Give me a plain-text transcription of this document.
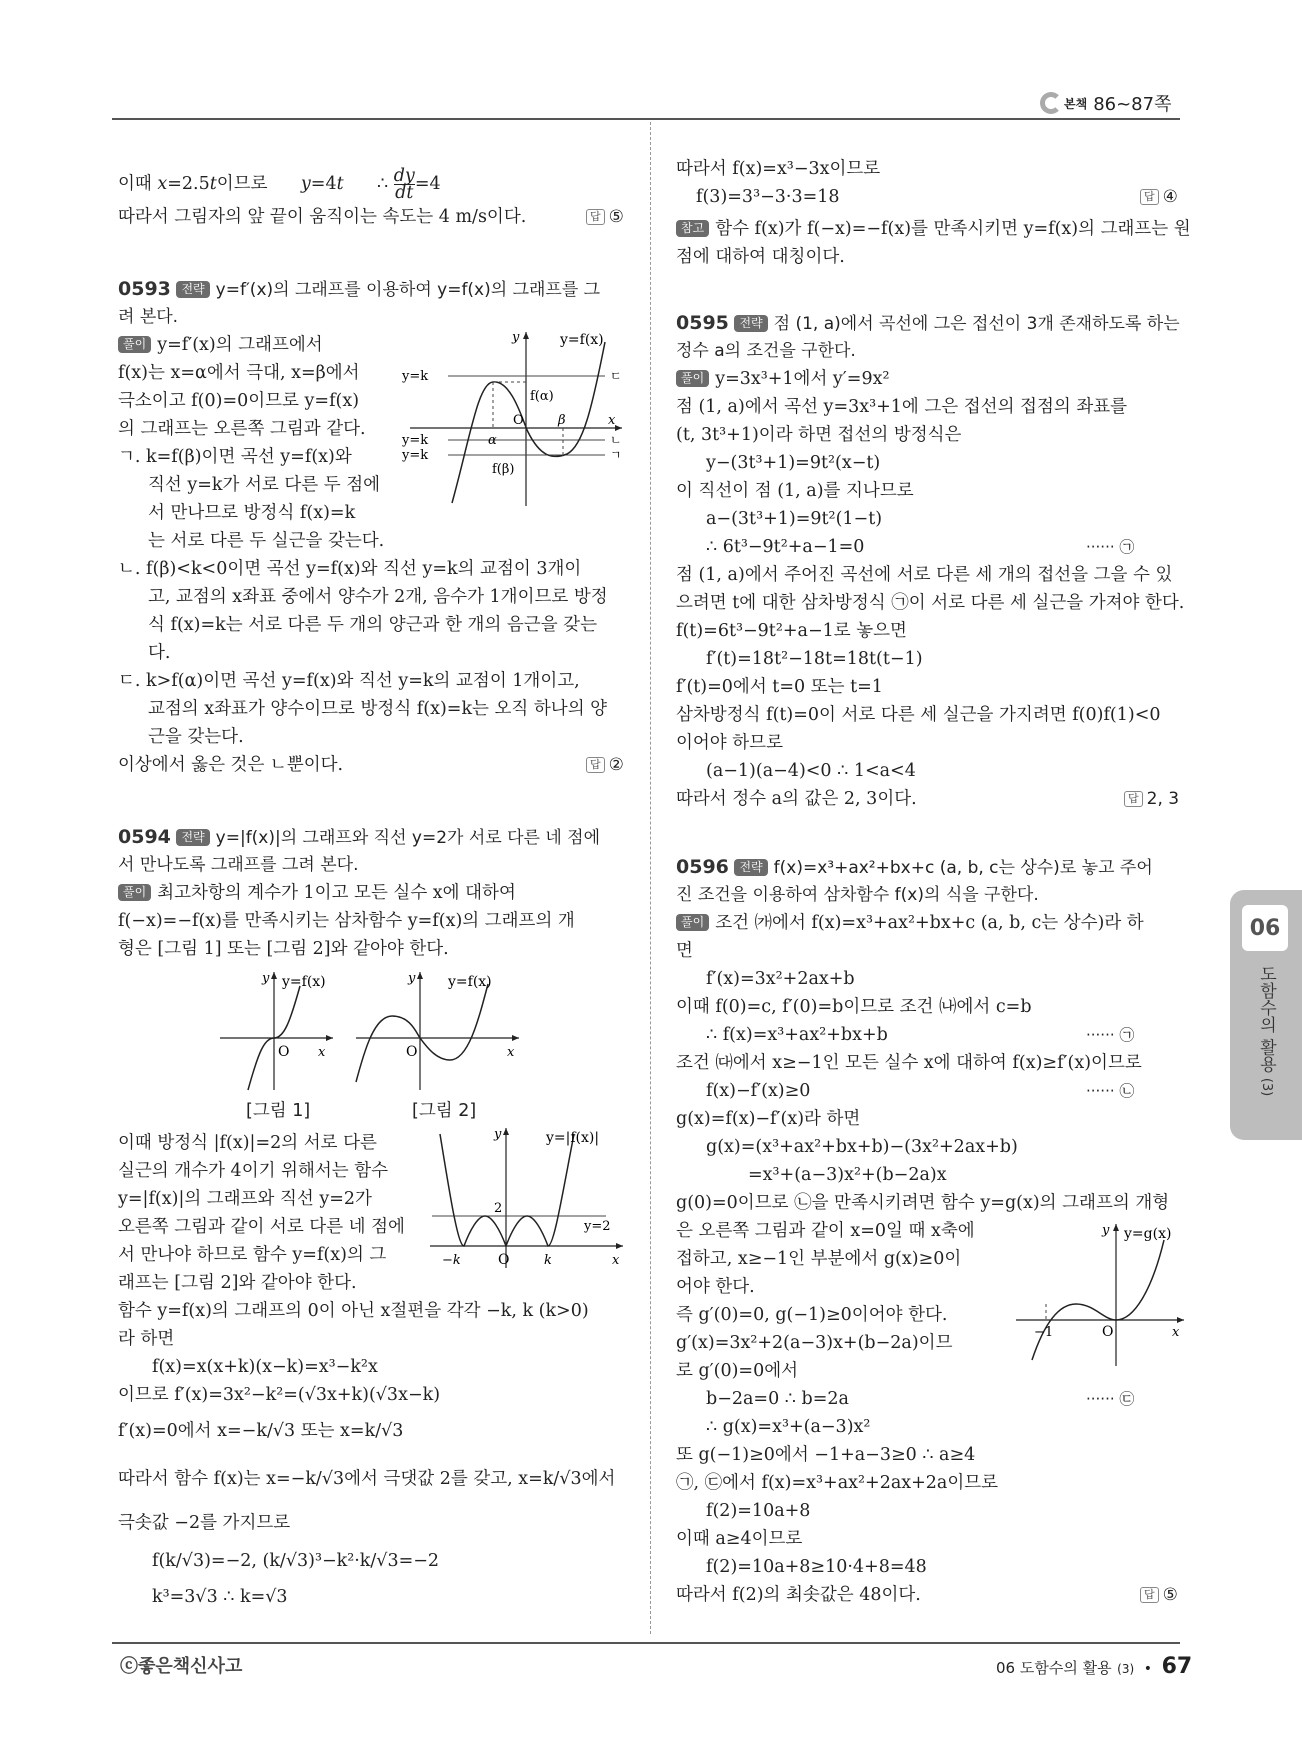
본책 86~87쪽
이때 x=2.5t이므로      y=4t      ∴ $\frac{dy}{dt} =4$
따라서 그림자의 앞 끝이 움직이는 속도는 4 m/s이다.	답 ⑤
0593 전략 y=f′(x)의 그래프를 이용하여 y=f(x)의 그래프를 그
려 본다.
풀이 y=f′(x)의 그래프에서
f(x)는 x=α에서 극대, x=β에서
극소이고 f(0)=0이므로 y=f(x)
의 그래프는 오른쪽 그림과 같다.
ㄱ. k=f(β)이면 곡선 y=f(x)와
직선 y=k가 서로 다른 두 점에
서 만나므로 방정식 f(x)=k
는 서로 다른 두 실근을 갖는다.
ㄴ. f(β)<k<0이면 곡선 y=f(x)와 직선 y=k의 교점이 3개이
고, 교점의 x좌표 중에서 양수가 2개, 음수가 1개이므로 방정
식 f(x)=k는 서로 다른 두 개의 양근과 한 개의 음근을 갖는
다.
ㄷ. k>f(α)이면 곡선 y=f(x)와 직선 y=k의 교점이 1개이고,
교점의 x좌표가 양수이므로 방정식 f(x)=k는 오직 하나의 양
근을 갖는다.
이상에서 옳은 것은 ㄴ뿐이다.	답 ②
y	y=f(x)
y=k	ㄷ
f(α)
O	β	x
α
y=k	ㄴ
y=k	ㄱ
f(β)
0594 전략 y=|f(x)|의 그래프와 직선 y=2가 서로 다른 네 점에
서 만나도록 그래프를 그려 본다.
풀이 최고차항의 계수가 1이고 모든 실수 x에 대하여
f(−x)=−f(x)를 만족시키는 삼차함수 y=f(x)의 그래프의 개
형은 [그림 1] 또는 [그림 2]와 같아야 한다.
y y=f(x)
O x
[그림 1]
y y=f(x)
O	x
[그림 2]
이때 방정식 |f(x)|=2의 서로 다른
실근의 개수가 4이기 위해서는 함수
y=|f(x)|의 그래프와 직선 y=2가
오른쪽 그림과 같이 서로 다른 네 점에
서 만나야 하므로 함수 y=f(x)의 그
래프는 [그림 2]와 같아야 한다.
y	y=|f(x)|
2
y=2
−k	O	k	x
함수 y=f(x)의 그래프의 0이 아닌 x절편을 각각 −k, k (k>0)
라 하면
f(x)=x(x+k)(x−k)=x³−k²x
이므로 f′(x)=3x²−k²=(√3x+k)(√3x−k)
f′(x)=0에서 x=−k/√3 또는 x=k/√3
따라서 함수 f(x)는 x=−k/√3에서 극댓값 2를 갖고, x=k/√3에서
극솟값 −2를 가지므로
f(k/√3)=−2, (k/√3)³−k²·k/√3=−2
k³=3√3 ∴ k=√3
따라서 f(x)=x³−3x이므로
f(3)=3³−3·3=18	답 ④
참고 함수 f(x)가 f(−x)=−f(x)를 만족시키면 y=f(x)의 그래프는 원
점에 대하여 대칭이다.
0595 전략 점 (1, a)에서 곡선에 그은 접선이 3개 존재하도록 하는
정수 a의 조건을 구한다.
풀이 y=3x³+1에서 y′=9x²
점 (1, a)에서 곡선 y=3x³+1에 그은 접선의 접점의 좌표를
(t, 3t³+1)이라 하면 접선의 방정식은
y−(3t³+1)=9t²(x−t)
이 직선이 점 (1, a)를 지나므로
a−(3t³+1)=9t²(1−t)
∴ 6t³−9t²+a−1=0	······ ㉠
점 (1, a)에서 주어진 곡선에 서로 다른 세 개의 접선을 그을 수 있
으려면 t에 대한 삼차방정식 ㉠이 서로 다른 세 실근을 가져야 한다.
f(t)=6t³−9t²+a−1로 놓으면
f′(t)=18t²−18t=18t(t−1)
f′(t)=0에서 t=0 또는 t=1
삼차방정식 f(t)=0이 서로 다른 세 실근을 가지려면 f(0)f(1)<0
이어야 하므로
(a−1)(a−4)<0 ∴ 1<a<4
따라서 정수 a의 값은 2, 3이다.	답 2, 3
0596 전략 f(x)=x³+ax²+bx+c (a, b, c는 상수)로 놓고 주어
진 조건을 이용하여 삼차함수 f(x)의 식을 구한다.
풀이 조건 ㈎에서 f(x)=x³+ax²+bx+c (a, b, c는 상수)라 하
면
f′(x)=3x²+2ax+b
이때 f(0)=c, f′(0)=b이므로 조건 ㈏에서 c=b
∴ f(x)=x³+ax²+bx+b	······ ㉠
조건 ㈐에서 x≥−1인 모든 실수 x에 대하여 f(x)≥f′(x)이므로
f(x)−f′(x)≥0	······ ㉡
g(x)=f(x)−f′(x)라 하면
g(x)=(x³+ax²+bx+b)−(3x²+2ax+b)
=x³+(a−3)x²+(b−2a)x
g(0)=0이므로 ㉡을 만족시키려면 함수 y=g(x)의 그래프의 개형
은 오른쪽 그림과 같이 x=0일 때 x축에
접하고, x≥−1인 부분에서 g(x)≥0이
어야 한다.
즉 g′(0)=0, g(−1)≥0이어야 한다.
g′(x)=3x²+2(a−3)x+(b−2a)이므
로 g′(0)=0에서
b−2a=0 ∴ b=2a	······ ㉢
∴ g(x)=x³+(a−3)x²
또 g(−1)≥0에서 −1+a−3≥0 ∴ a≥4
㉠, ㉢에서 f(x)=x³+ax²+2ax+2a이므로
f(2)=10a+8
이때 a≥4이므로
f(2)=10a+8≥10·4+8=48
따라서 f(2)의 최솟값은 48이다.	답 ⑤
y y=g(x)
−1	O	x
06
도함수의 활용 (3)
ⓒ좋은책신사고	06 도함수의 활용 (3) • 67
